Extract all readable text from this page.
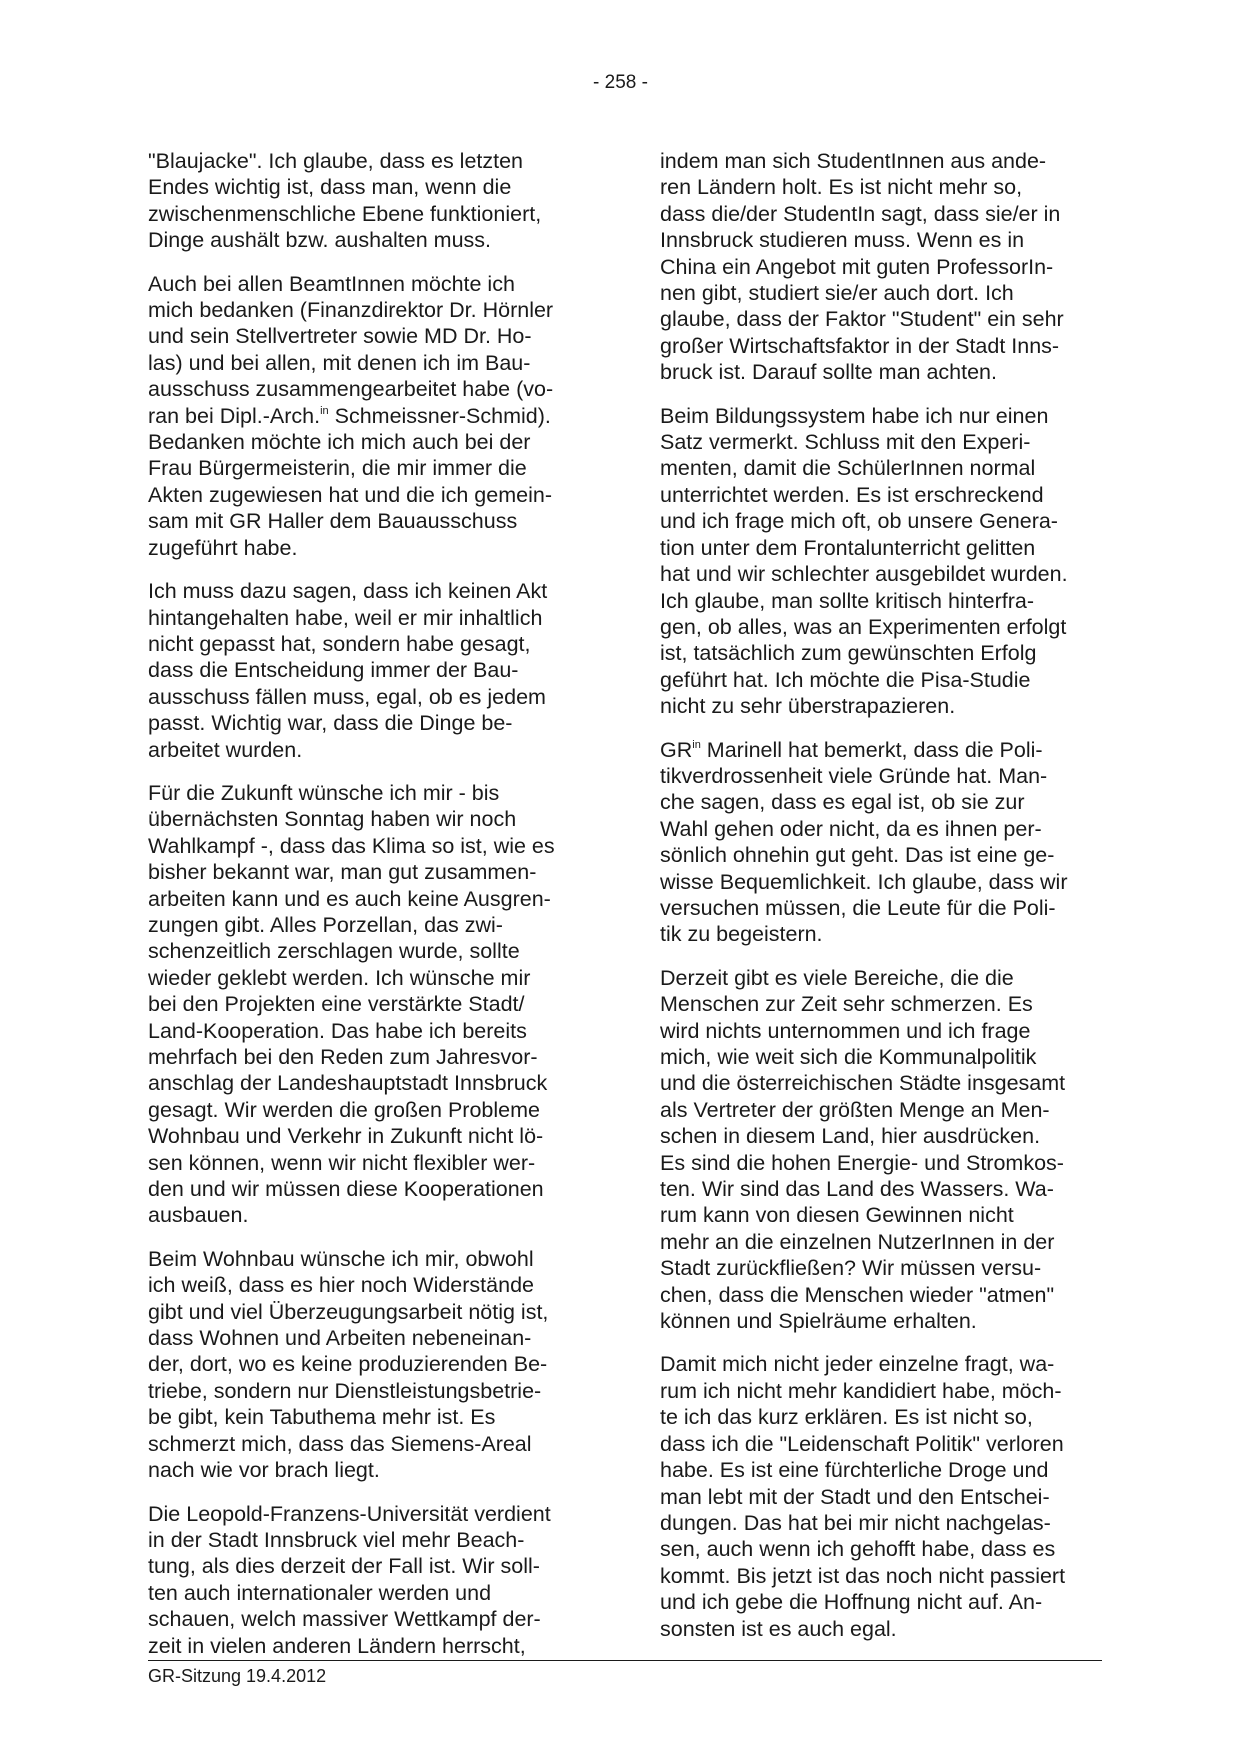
- 258 -
"Blaujacke". Ich glaube, dass es letzten
Endes wichtig ist, dass man, wenn die
zwischenmenschliche Ebene funktioniert,
Dinge aushält bzw. aushalten muss.
Auch bei allen BeamtInnen möchte ich
mich bedanken (Finanzdirektor Dr. Hörnler
und sein Stellvertreter sowie MD Dr. Ho-
las) und bei allen, mit denen ich im Bau-
ausschuss zusammengearbeitet habe (vo-
ran bei Dipl.-Arch.$^{in}$ Schmeissner-Schmid).
Bedanken möchte ich mich auch bei der
Frau Bürgermeisterin, die mir immer die
Akten zugewiesen hat und die ich gemein-
sam mit GR Haller dem Bauausschuss
zugeführt habe.
Ich muss dazu sagen, dass ich keinen Akt
hintangehalten habe, weil er mir inhaltlich
nicht gepasst hat, sondern habe gesagt,
dass die Entscheidung immer der Bau-
ausschuss fällen muss, egal, ob es jedem
passt. Wichtig war, dass die Dinge be-
arbeitet wurden.
Für die Zukunft wünsche ich mir - bis
übernächsten Sonntag haben wir noch
Wahlkampf -, dass das Klima so ist, wie es
bisher bekannt war, man gut zusammen-
arbeiten kann und es auch keine Ausgren-
zungen gibt. Alles Porzellan, das zwi-
schenzeitlich zerschlagen wurde, sollte
wieder geklebt werden. Ich wünsche mir
bei den Projekten eine verstärkte Stadt/
Land-Kooperation. Das habe ich bereits
mehrfach bei den Reden zum Jahresvor-
anschlag der Landeshauptstadt Innsbruck
gesagt. Wir werden die großen Probleme
Wohnbau und Verkehr in Zukunft nicht lö-
sen können, wenn wir nicht flexibler wer-
den und wir müssen diese Kooperationen
ausbauen.
Beim Wohnbau wünsche ich mir, obwohl
ich weiß, dass es hier noch Widerstände
gibt und viel Überzeugungsarbeit nötig ist,
dass Wohnen und Arbeiten nebeneinan-
der, dort, wo es keine produzierenden Be-
triebe, sondern nur Dienstleistungsbetrie-
be gibt, kein Tabuthema mehr ist. Es
schmerzt mich, dass das Siemens-Areal
nach wie vor brach liegt.
Die Leopold-Franzens-Universität verdient
in der Stadt Innsbruck viel mehr Beach-
tung, als dies derzeit der Fall ist. Wir soll-
ten auch internationaler werden und
schauen, welch massiver Wettkampf der-
zeit in vielen anderen Ländern herrscht,
indem man sich StudentInnen aus ande-
ren Ländern holt. Es ist nicht mehr so,
dass die/der StudentIn sagt, dass sie/er in
Innsbruck studieren muss. Wenn es in
China ein Angebot mit guten ProfessorIn-
nen gibt, studiert sie/er auch dort. Ich
glaube, dass der Faktor "Student" ein sehr
großer Wirtschaftsfaktor in der Stadt Inns-
bruck ist. Darauf sollte man achten.
Beim Bildungssystem habe ich nur einen
Satz vermerkt. Schluss mit den Experi-
menten, damit die SchülerInnen normal
unterrichtet werden. Es ist erschreckend
und ich frage mich oft, ob unsere Genera-
tion unter dem Frontalunterricht gelitten
hat und wir schlechter ausgebildet wurden.
Ich glaube, man sollte kritisch hinterfra-
gen, ob alles, was an Experimenten erfolgt
ist, tatsächlich zum gewünschten Erfolg
geführt hat. Ich möchte die Pisa-Studie
nicht zu sehr überstrapazieren.
$GR^{in}$ Marinell hat bemerkt, dass die Poli-
tikverdrossenheit viele Gründe hat. Man-
che sagen, dass es egal ist, ob sie zur
Wahl gehen oder nicht, da es ihnen per-
sönlich ohnehin gut geht. Das ist eine ge-
wisse Bequemlichkeit. Ich glaube, dass wir
versuchen müssen, die Leute für die Poli-
tik zu begeistern.
Derzeit gibt es viele Bereiche, die die
Menschen zur Zeit sehr schmerzen. Es
wird nichts unternommen und ich frage
mich, wie weit sich die Kommunalpolitik
und die österreichischen Städte insgesamt
als Vertreter der größten Menge an Men-
schen in diesem Land, hier ausdrücken.
Es sind die hohen Energie- und Stromkos-
ten. Wir sind das Land des Wassers. Wa-
rum kann von diesen Gewinnen nicht
mehr an die einzelnen NutzerInnen in der
Stadt zurückfließen? Wir müssen versu-
chen, dass die Menschen wieder "atmen"
können und Spielräume erhalten.
Damit mich nicht jeder einzelne fragt, wa-
rum ich nicht mehr kandidiert habe, möch-
te ich das kurz erklären. Es ist nicht so,
dass ich die "Leidenschaft Politik" verloren
habe. Es ist eine fürchterliche Droge und
man lebt mit der Stadt und den Entschei-
dungen. Das hat bei mir nicht nachgelas-
sen, auch wenn ich gehofft habe, dass es
kommt. Bis jetzt ist das noch nicht passiert
und ich gebe die Hoffnung nicht auf. An-
sonsten ist es auch egal.
GR-Sitzung 19.4.2012
